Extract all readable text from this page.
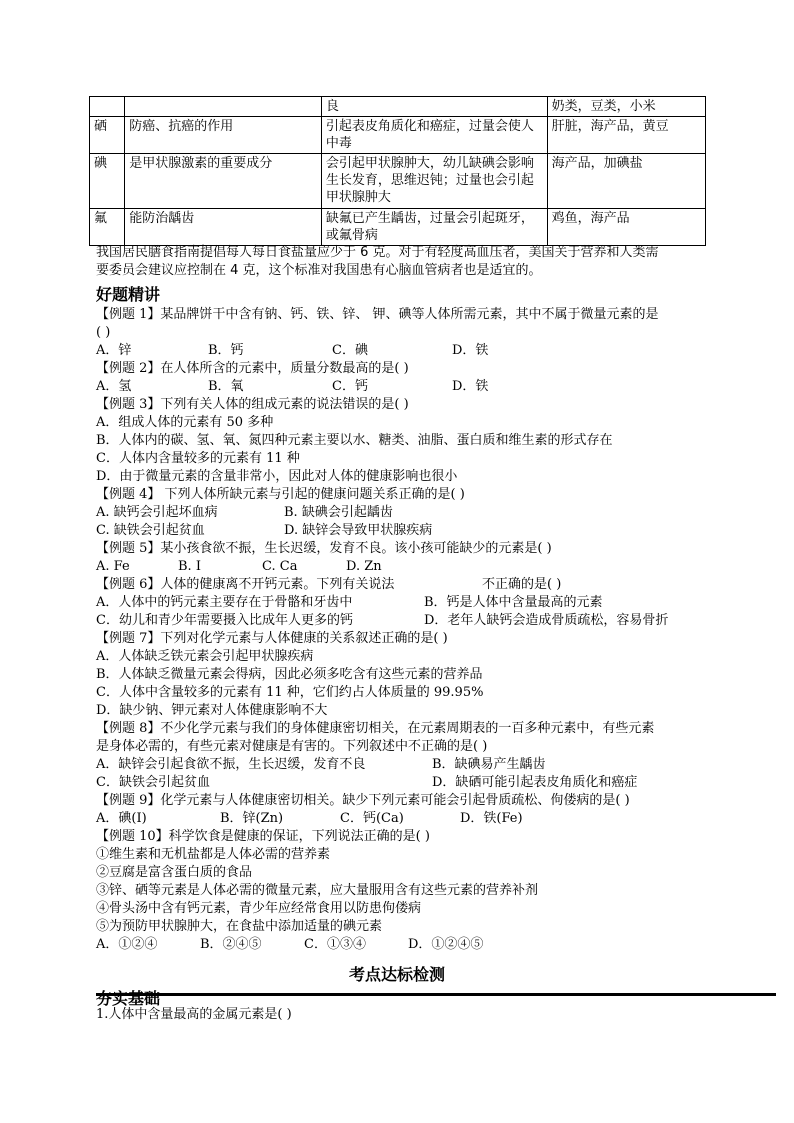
		良	奶类，豆类，小米
硒	防癌、抗癌的作用	引起表皮角质化和癌症，过量会使人中毒	肝脏，海产品，黄豆
碘	是甲状腺激素的重要成分	会引起甲状腺肿大，幼儿缺碘会影响生长发育，思维迟钝；过量也会引起甲状腺肿大	海产品，加碘盐
氟	能防治龋齿	缺氟已产生龋齿，过量会引起斑牙，或氟骨病	鸡鱼，海产品
我国居民膳食指南提倡每人每日食盐量应少于 6 克。对于有轻度高血压者，美国关于营养和人类需
要委员会建议应控制在 4 克，这个标准对我国患有心脑血管病者也是适宜的。
好题精讲
【例题 1】某品牌饼干中含有钠、钙、铁、锌、 钾、碘等人体所需元素，其中不属于微量元素的是
( )
A．锌	B．钙	C．碘	D．铁
【例题 2】在人体所含的元素中，质量分数最高的是( )
A．氢	B．氧	C．钙	D．铁
【例题 3】下列有关人体的组成元素的说法错误的是( )
A．组成人体的元素有 50 多种
B．人体内的碳、氢、氧、氮四种元素主要以水、糖类、油脂、蛋白质和维生素的形式存在
C．人体内含量较多的元素有 11 种
D．由于微量元素的含量非常小，因此对人体的健康影响也很小
【例题 4】 下列人体所缺元素与引起的健康问题关系正确的是( )
A. 缺钙会引起坏血病	B. 缺碘会引起龋齿
C. 缺铁会引起贫血	D. 缺锌会导致甲状腺疾病
【例题 5】某小孩食欲不振，生长迟缓，发育不良。该小孩可能缺少的元素是( )
A. Fe	B. I	C. Ca	D. Zn
【例题 6】人体的健康离不开钙元素。下列有关说法	不正确的是( )
A．人体中的钙元素主要存在于骨骼和牙齿中	B．钙是人体中含量最高的元素
C．幼儿和青少年需要摄入比成年人更多的钙	D．老年人缺钙会造成骨质疏松，容易骨折
【例题 7】下列对化学元素与人体健康的关系叙述正确的是( )
A．人体缺乏铁元素会引起甲状腺疾病
B．人体缺乏微量元素会得病，因此必须多吃含有这些元素的营养品
C．人体中含量较多的元素有 11 种，它们约占人体质量的 99.95%
D．缺少钠、钾元素对人体健康影响不大
【例题 8】不少化学元素与我们的身体健康密切相关，在元素周期表的一百多种元素中，有些元素
是身体必需的，有些元素对健康是有害的。下列叙述中不正确的是( )
A．缺锌会引起食欲不振，生长迟缓，发育不良	B．缺碘易产生龋齿
C．缺铁会引起贫血	D．缺硒可能引起表皮角质化和癌症
【例题 9】化学元素与人体健康密切相关。缺少下列元素可能会引起骨质疏松、佝偻病的是( )
A．碘(I)	B．锌(Zn)	C．钙(Ca)	D．铁(Fe)
【例题 10】科学饮食是健康的保证，下列说法正确的是( )
①维生素和无机盐都是人体必需的营养素
②豆腐是富含蛋白质的食品
③锌、硒等元素是人体必需的微量元素，应大量服用含有这些元素的营养补剂
④骨头汤中含有钙元素，青少年应经常食用以防患佝偻病
⑤为预防甲状腺肿大，在食盐中添加适量的碘元素
A．①②④	B．②④⑤	C．①③④	D．①②④⑤
考点达标检测
夯实基础
1.人体中含量最高的金属元素是( )
